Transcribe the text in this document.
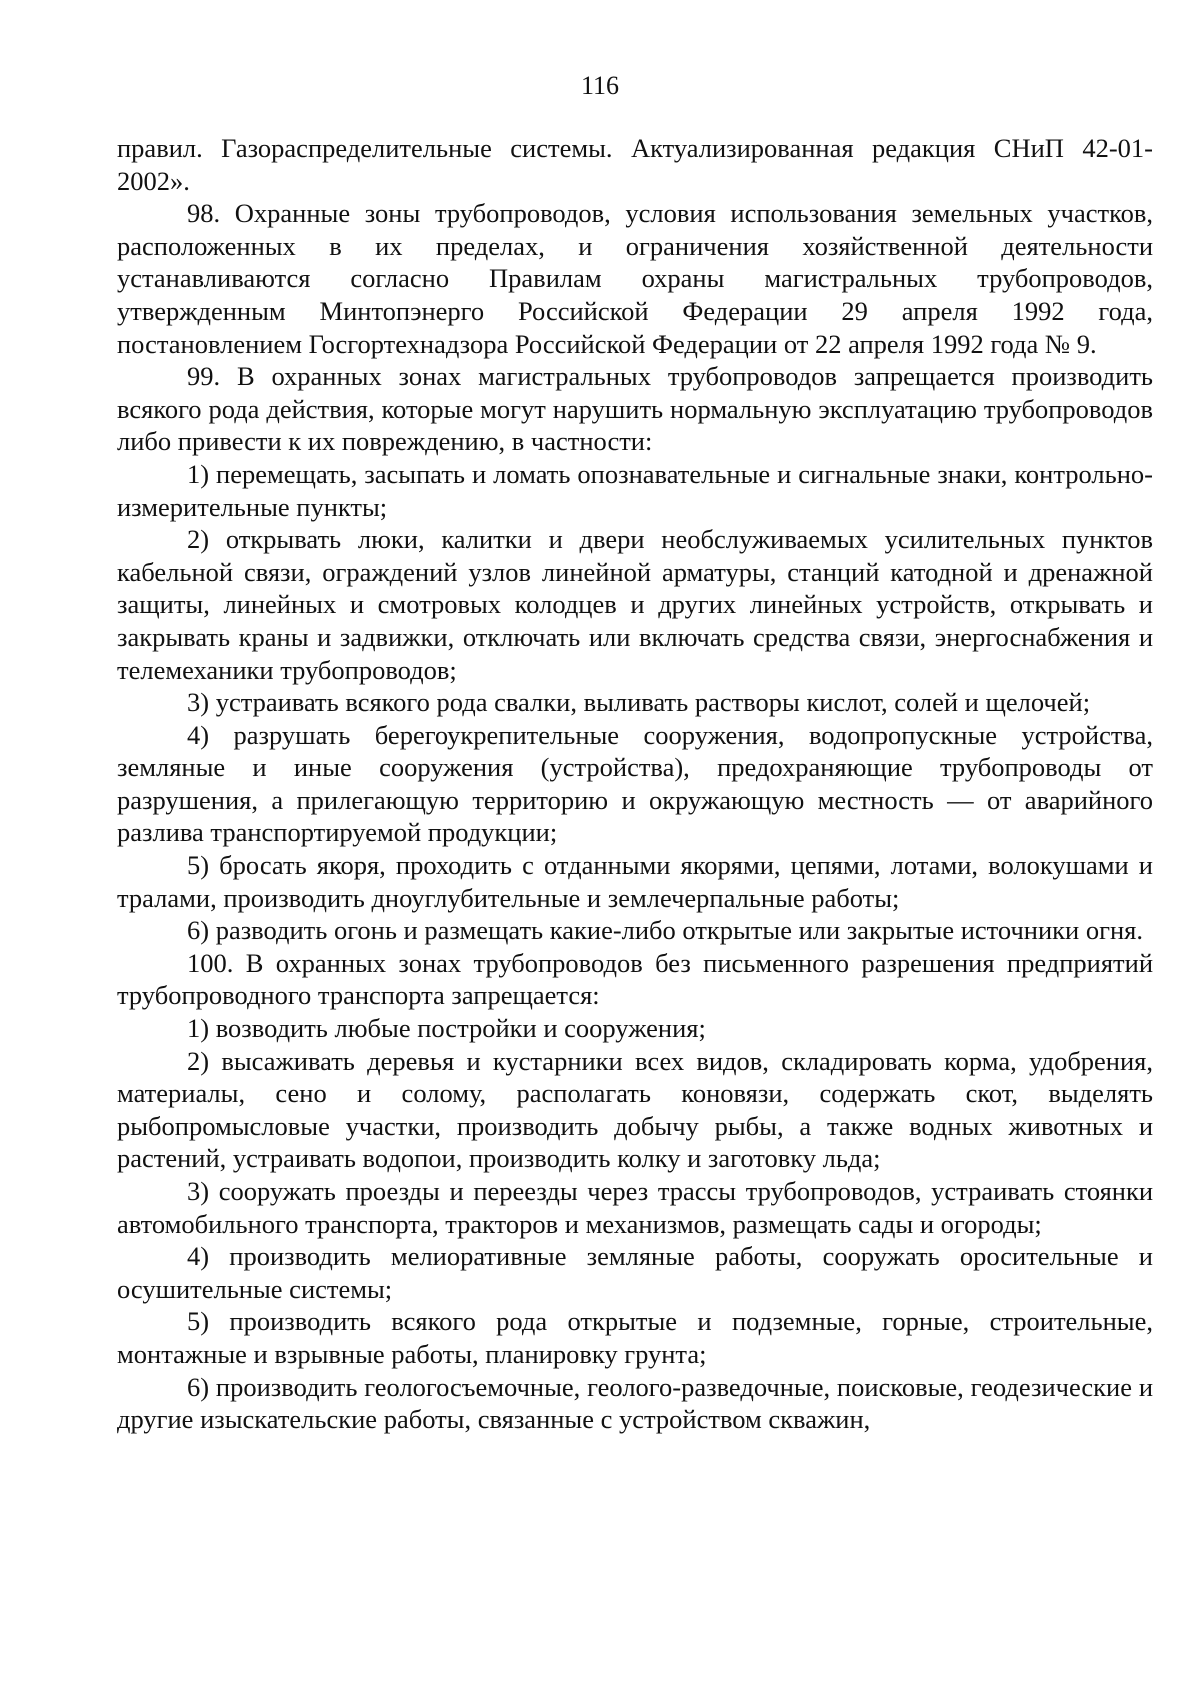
116

правил. Газораспределительные системы. Актуализированная редакция СНиП 42-01-2002».

98. Охранные зоны трубопроводов, условия использования земельных участков, расположенных в их пределах, и ограничения хозяйственной деятельности устанавливаются согласно Правилам охраны магистральных трубопроводов, утвержденным Минтопэнерго Российской Федерации 29 апреля 1992 года, постановлением Госгортехнадзора Российской Федерации от 22 апреля 1992 года № 9.

99. В охранных зонах магистральных трубопроводов запрещается производить всякого рода действия, которые могут нарушить нормальную эксплуатацию трубопроводов либо привести к их повреждению, в частности:

1) перемещать, засыпать и ломать опознавательные и сигнальные знаки, контрольно-измерительные пункты;

2) открывать люки, калитки и двери необслуживаемых усилительных пунктов кабельной связи, ограждений узлов линейной арматуры, станций катодной и дренажной защиты, линейных и смотровых колодцев и других линейных устройств, открывать и закрывать краны и задвижки, отключать или включать средства связи, энергоснабжения и телемеханики трубопроводов;

3) устраивать всякого рода свалки, выливать растворы кислот, солей и щелочей;

4) разрушать берегоукрепительные сооружения, водопропускные устройства, земляные и иные сооружения (устройства), предохраняющие трубопроводы от разрушения, а прилегающую территорию и окружающую местность — от аварийного разлива транспортируемой продукции;

5) бросать якоря, проходить с отданными якорями, цепями, лотами, волокушами и тралами, производить дноуглубительные и землечерпальные работы;

6) разводить огонь и размещать какие-либо открытые или закрытые источники огня.

100. В охранных зонах трубопроводов без письменного разрешения предприятий трубопроводного транспорта запрещается:

1) возводить любые постройки и сооружения;

2) высаживать деревья и кустарники всех видов, складировать корма, удобрения, материалы, сено и солому, располагать коновязи, содержать скот, выделять рыбопромысловые участки, производить добычу рыбы, а также водных животных и растений, устраивать водопои, производить колку и заготовку льда;

3) сооружать проезды и переезды через трассы трубопроводов, устраивать стоянки автомобильного транспорта, тракторов и механизмов, размещать сады и огороды;

4) производить мелиоративные земляные работы, сооружать оросительные и осушительные системы;

5) производить всякого рода открытые и подземные, горные, строительные, монтажные и взрывные работы, планировку грунта;

6) производить геологосъемочные, геолого-разведочные, поисковые, геодезические и другие изыскательские работы, связанные с устройством скважин,
